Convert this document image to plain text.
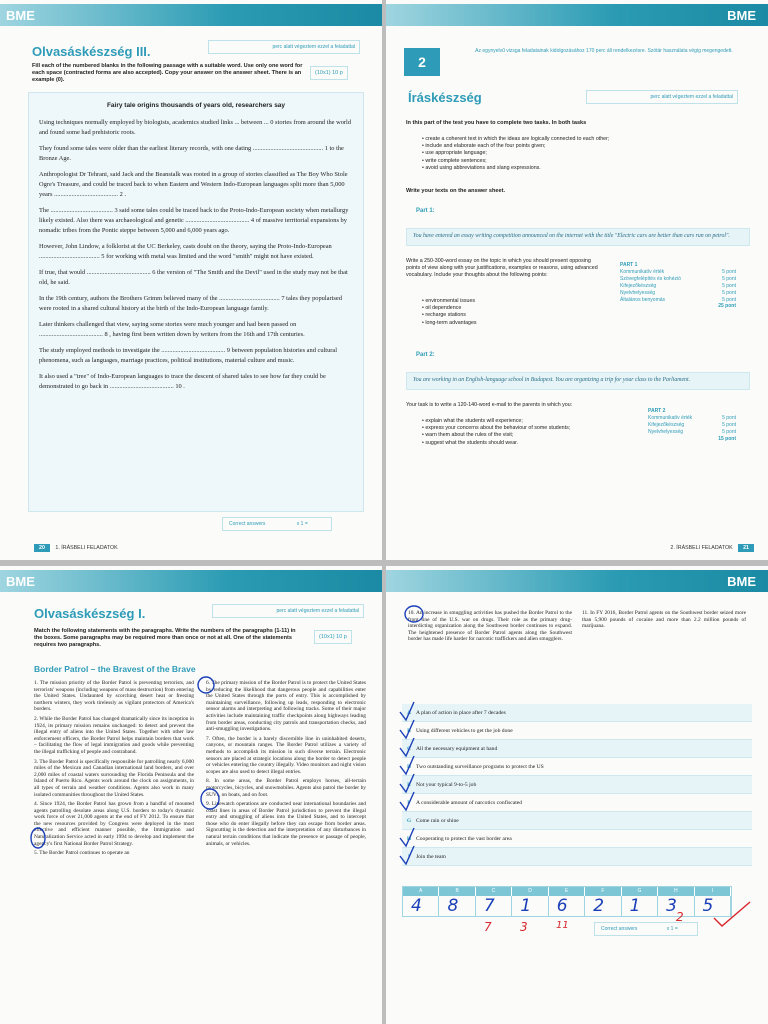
BME
Olvasáskészség III.	perc alatt végeztem ezzel a feladattal
Fill each of the numbered blanks in the following passage with a suitable word. Use only one word for each space (contracted forms are also accepted). Copy your answer on the answer sheet. There is an example (0).
(10x1) 10 p
Fairy tale origins thousands of years old, researchers say

Using techniques normally employed by biologists, academics studied links ... between ... 0 stories from around the world and found some had prehistoric roots.

They found some tales were older than the earliest literary records, with one dating ............................................ 1 to the Bronze Age.

Anthropologist Dr Tehrani, said Jack and the Beanstalk was rooted in a group of stories classified as The Boy Who Stole Ogre's Treasure, and could be traced back to when Eastern and Western Indo-European languages split more than 5,000 years ........................................ 2 .

The ....................................... 3 said some tales could be traced back to the Proto-Indo-European society when metallurgy likely existed. Also there was archaeological and genetic ........................................ 4 of massive territorial expansions by nomadic tribes from the Pontic steppe between 5,000 and 6,000 years ago.

However, John Lindow, a folklorist at the UC Berkeley, casts doubt on the theory, saying the Proto-Indo-European ...................................... 5 for working with metal was limited and the word "smith" might not have existed.

If true, that would ........................................ 6 the version of "The Smith and the Devil" used in the study may not be that old, he said.

In the 19th century, authors the Brothers Grimm believed many of the ...................................... 7 tales they popularised were rooted in a shared cultural history at the birth of the Indo-European language family.

Later thinkers challenged that view, saying some stories were much younger and had been passed on ........................................ 8 , having first been written down by writers from the 16th and 17th centuries.

The study employed methods to investigate the ........................................ 9 between population histories and cultural phenomena, such as languages, marriage practices, political institutions, material culture and music.

It also used a "tree" of Indo-European languages to trace the descent of shared tales to see how far they could be demonstrated to go back in ........................................ 10 .

Correct answers	x 1 =
20 1. ÍRÁSBELI FELADATOK
BME
2
Az egynyelvű vizsga feladatainak kidolgozásához 170 perc áll rendelkezésre. Szótár használata végig megengedett.
Íráskészség	perc alatt végeztem ezzel a feladattal
In this part of the test you have to complete two tasks. In both tasks
• create a coherent text in which the ideas are logically connected to each other;
• include and elaborate each of the four points given;
• use appropriate language;
• write complete sentences;
• avoid using abbreviations and slang expressions.
Write your texts on the answer sheet.
Part 1:
You have entered an essay writing competition announced on the internet with the title "Electric cars are better than cars run on petrol".
Write a 250-300-word essay on the topic in which you should present opposing points of view along with your justifications, examples or reasons, using advanced vocabulary. Include your thoughts about the following points:
• environmental issues
• oil dependence
• recharge stations
• long-term advantages
PART 1
Kommunikatív érték	5 pont
Szövegfelépítés és kohézió	5 pont
Kifejezőkészség	5 pont
Nyelvhelyesség	5 pont
Általános benyomás	5 pont
25 pont
Part 2:
You are working in an English-language school in Budapest. You are organizing a trip for your class to the Parliament.
Your task is to write a 120-140-word e-mail to the parents in which you:
• explain what the students will experience;
• express your concerns about the behaviour of some students;
• warn them about the rules of the visit;
• suggest what the students should wear.
PART 2
Kommunikatív érték	5 pont
Kifejezőkészség	5 pont
Nyelvhelyesség	5 pont
15 pont
2. ÍRÁSBELI FELADATOK 21
BME
Olvasáskészség I.	perc alatt végeztem ezzel a feladattal
Match the following statements with the paragraphs. Write the numbers of the paragraphs (1-11) in the boxes. Some paragraphs may be required more than once or not at all. One of the statements requires two paragraphs.
(10x1) 10 p
Border Patrol – the Bravest of the Brave

1. The mission priority of the Border Patrol is preventing terrorists, and terrorists' weapons (including weapons of mass destruction) from entering the United States. Undaunted by scorching desert heat or freezing northern winters, they work tirelessly as vigilant protectors of America's borders.

2. While the Border Patrol has changed dramatically since its inception in 1924, its primary mission remains unchanged: to detect and prevent the illegal entry of aliens into the United States. Together with other law enforcement officers, the Border Patrol helps maintain borders that work – facilitating the flow of legal immigration and goods while preventing the illegal trafficking of people and contraband.

3. The Border Patrol is specifically responsible for patrolling nearly 6,000 miles of the Mexican and Canadian international land borders, and over 2,000 miles of coastal waters surrounding the Florida Peninsula and the Island of Puerto Rico. Agents work around the clock on assignments, in all types of terrain and weather conditions. Agents also work in many isolated communities throughout the United States.

4. Since 1924, the Border Patrol has grown from a handful of mounted agents patrolling desolate areas along U.S. borders to today's dynamic work force of over 21,000 agents at the end of FY 2012. To ensure that the new resources provided by Congress were deployed in the most effective and efficient manner possible, the Immigration and Naturalization Service acted in early 1994 to develop and implement the agency's first National Border Patrol Strategy.

5. The Border Patrol continues to operate an

6. The primary mission of the Border Patrol is to protect the United States by reducing the likelihood that dangerous people and capabilities enter the United States through the ports of entry. This is accomplished by maintaining surveillance, following up leads, responding to electronic sensor alarms and interpreting and following tracks. Some of their major activities include maintaining traffic checkpoints along highways leading from border areas, conducting city patrols and transportation checks, and anti-smuggling investigations.

7. Often, the border is a barely discernible line in uninhabited deserts, canyons, or mountain ranges. The Border Patrol utilizes a variety of methods to accomplish its mission in such diverse terrain. Electronic sensors are placed at strategic locations along the border to detect people or vehicles entering the country illegally. Video monitors and night vision scopes are also used to detect illegal entries.

8. In some areas, the Border Patrol employs horses, all-terrain motorcycles, bicycles, and snowmobiles. Agents also patrol the border by SUVs, on boats, and on foot.

9. Linewatch operations are conducted near international boundaries and coast lines in areas of Border Patrol jurisdiction to prevent the illegal entry and smuggling of aliens into the United States, and to intercept those who do enter illegally before they can escape from border areas. Signcutting is the detection and the interpretation of any disturbances in natural terrain conditions that indicate the presence or passage of people, animals, or vehicles.

BME

10. An increase in smuggling activities has pushed the Border Patrol to the front line of the U.S. war on drugs. Their role as the primary drug-interdicting organization along the Southwest border continues to expand. The heightened presence of Border Patrol agents along the Southwest border has made life harder for narcotic traffickers and alien smugglers.

11. In FY 2016, Border Patrol agents on the Southwest border seized more than 5,900 pounds of cocaine and more than 2.2 million pounds of marijuana.

A A plan of action in place after 7 decades
B Using different vehicles to get the job done
C All the necessary equipment at hand
D Two outstanding surveillance programs to protect the US
E Not your typical 9-to-5 job
F A considerable amount of narcotics confiscated
G Come rain or shine
H Cooperating to protect the vast border area
I	Join the team
A	B	C	D	E	F	G	H	I
4 8 7 1 6 2 1 3 5
7 3	11
2
Correct answers	x 1 =
